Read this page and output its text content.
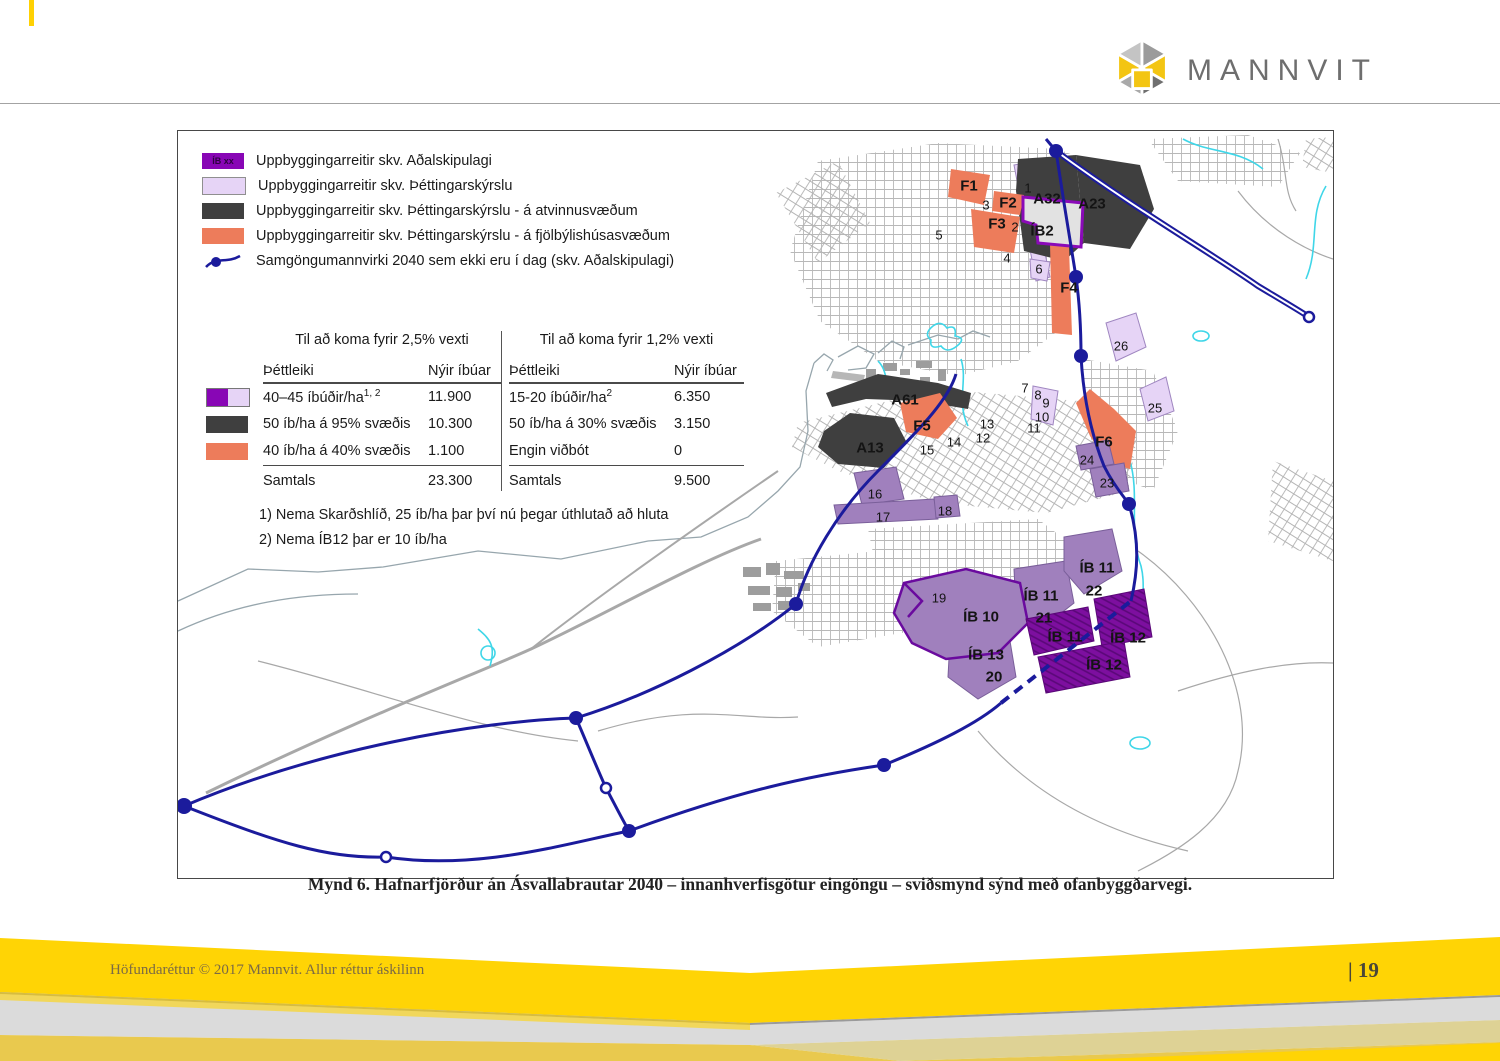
MANNVIT
ÍB xx	Uppbyggingarreitir skv. Aðalskipulagi
Uppbyggingarreitir skv. Þéttingarskýrslu
Uppbyggingarreitir skv. Þéttingarskýrslu - á atvinnusvæðum
Uppbyggingarreitir skv. Þéttingarskýrslu - á fjölbýlishúsasvæðum
Samgöngumannvirki 2040 sem ekki eru í dag (skv. Aðalskipulagi)
Til að koma fyrir 2,5% vexti
Þéttleiki	Nýir íbúar
40–45 íbúðir/ha$^{1, 2}$	11.900
50 íb/ha á 95% svæðis	10.300
40 íb/ha á 40% svæðis	1.100
Samtals	23.300
Til að koma fyrir 1,2% vexti
Þéttleiki	Nýir íbúar
15-20 íbúðir/$ha^2$	6.350
50 íb/ha á 30% svæðis	3.150
Engin viðbót	0
Samtals	9.500
1) Nema Skarðshlíð, 25 íb/ha þar því nú þegar úthlutað að hluta
2) Nema ÍB12 þar er 10 íb/ha
F1
F2
F3
A32 A23
ÍB2
F4
A61
A13
F5
F6
ÍB 10
ÍB 11
21
ÍB 11
22
ÍB 11 ÍB 12
ÍB 12
ÍB 13
20
1
2
3
4
5
6
7 8
9
10
11
12
13
14
15
16
17	18
19
23
24
25
26
Mynd 6. Hafnarfjörður án Ásvallabrautar 2040 – innanhverfisgötur eingöngu – sviðsmynd sýnd með ofanbyggðarvegi.
Höfundaréttur © 2017 Mannvit. Allur réttur áskilinn	| 19
